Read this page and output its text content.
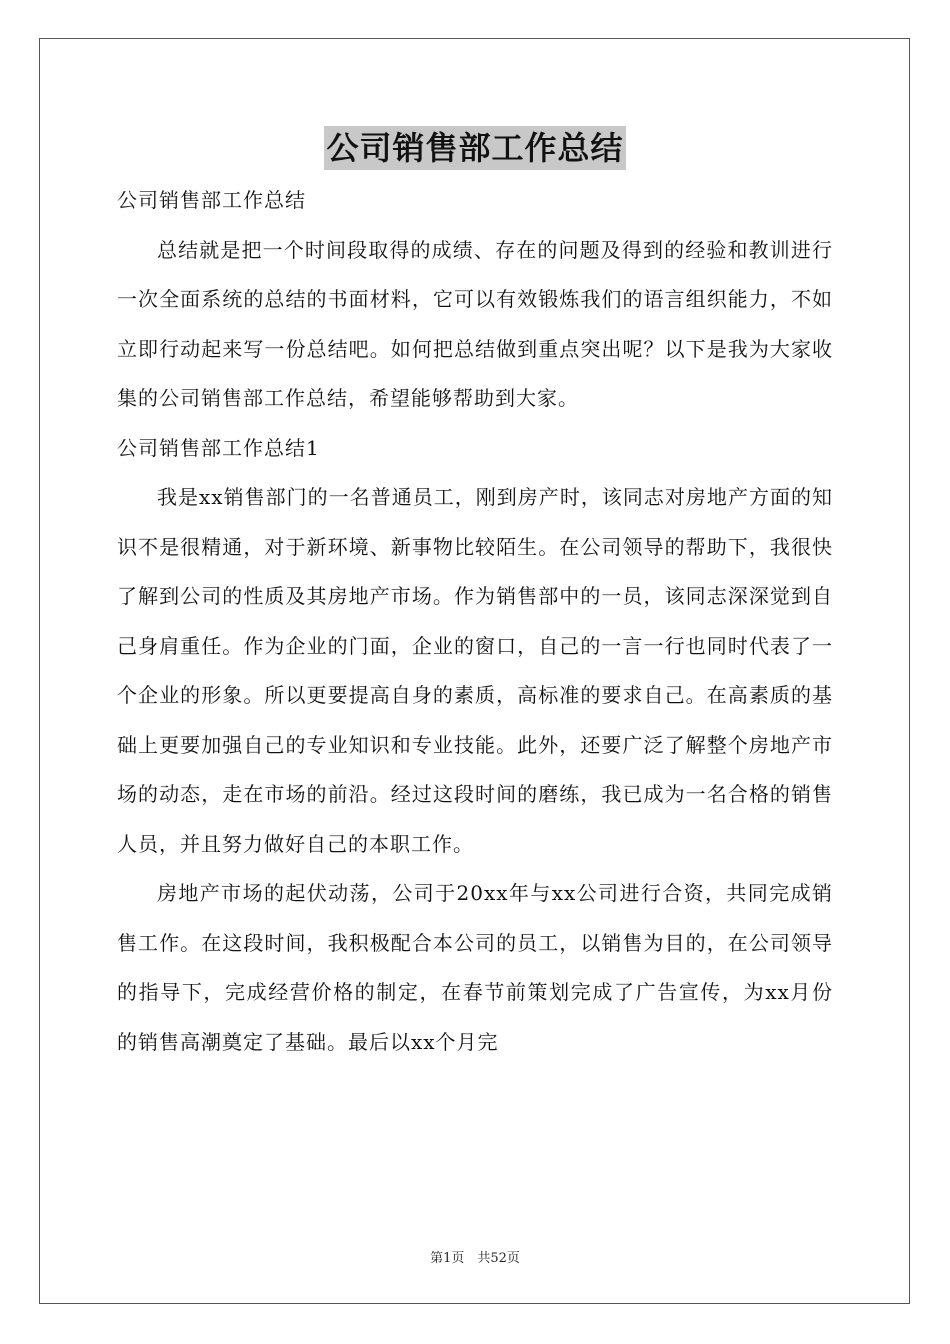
公司销售部工作总结

公司销售部工作总结

总结就是把一个时间段取得的成绩、存在的问题及得到的经验和教训进行一次全面系统的总结的书面材料，它可以有效锻炼我们的语言组织能力，不如立即行动起来写一份总结吧。如何把总结做到重点突出呢？以下是我为大家收集的公司销售部工作总结，希望能够帮助到大家。

公司销售部工作总结1

我是xx销售部门的一名普通员工，刚到房产时，该同志对房地产方面的知识不是很精通，对于新环境、新事物比较陌生。在公司领导的帮助下，我很快了解到公司的性质及其房地产市场。作为销售部中的一员，该同志深深觉到自己身肩重任。作为企业的门面，企业的窗口，自己的一言一行也同时代表了一个企业的形象。所以更要提高自身的素质，高标准的要求自己。在高素质的基础上更要加强自己的专业知识和专业技能。此外，还要广泛了解整个房地产市场的动态，走在市场的前沿。经过这段时间的磨练，我已成为一名合格的销售人员，并且努力做好自己的本职工作。

房地产市场的起伏动荡，公司于20xx年与xx公司进行合资，共同完成销售工作。在这段时间，我积极配合本公司的员工，以销售为目的，在公司领导的指导下，完成经营价格的制定，在春节前策划完成了广告宣传，为xx月份的销售高潮奠定了基础。最后以xx个月完

第1页　共52页
